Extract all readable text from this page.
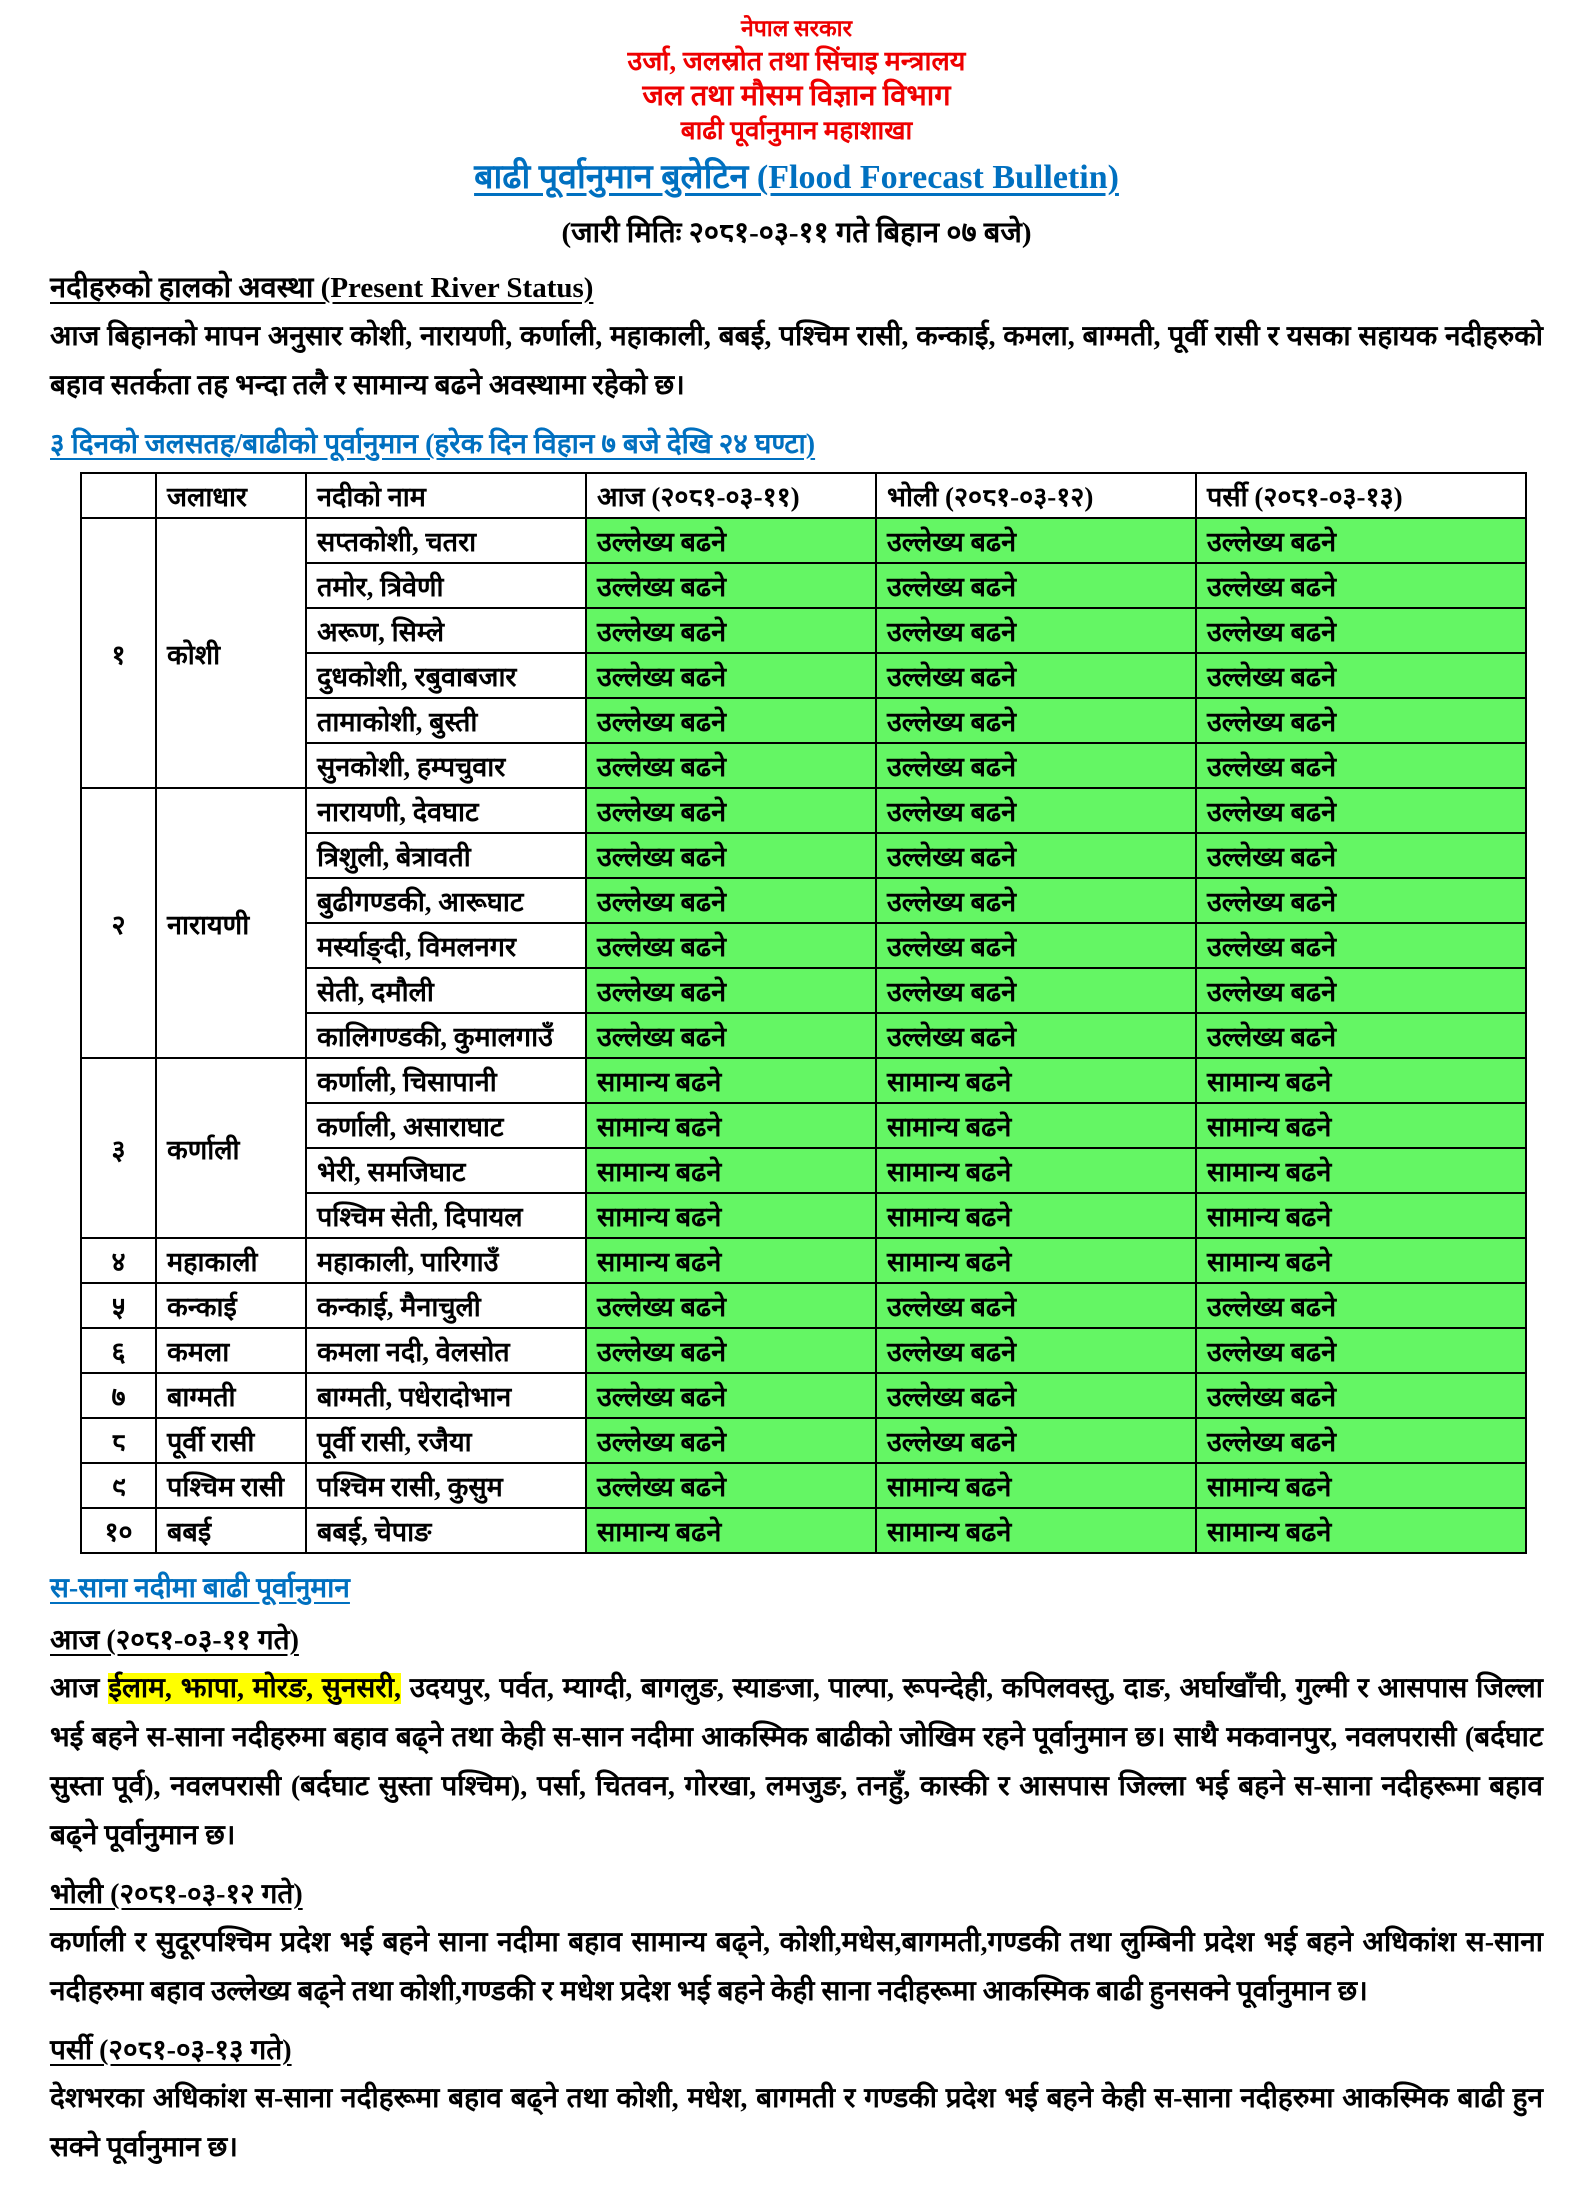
नेपाल सरकार
उर्जा, जलस्रोत तथा सिंचाइ मन्त्रालय
जल तथा मौसम विज्ञान विभाग
बाढी पूर्वानुमान महाशाखा
बाढी पूर्वानुमान बुलेटिन (Flood Forecast Bulletin)
(जारी मितिः २०८१-०३-११ गते बिहान ०७ बजे)
नदीहरुको हालको अवस्था (Present River Status)

आज बिहानको मापन अनुसार कोशी, नारायणी, कर्णाली, महाकाली, बबई, पश्चिम रासी, कन्काई, कमला, बाग्मती, पूर्वी रासी र यसका सहायक नदीहरुको बहाव सतर्कता तह भन्दा तलै र सामान्य बढने अवस्थामा रहेको छ।

३ दिनको जलसतह/बाढीको पूर्वानुमान (हरेक दिन विहान ७ बजे देखि २४ घण्टा)
	जलाधार	नदीको नाम	आज (२०८१-०३-११)	भोली (२०८१-०३-१२)	पर्सी (२०८१-०३-१३)
१	कोशी	सप्तकोशी, चतरा	उल्लेख्य बढने	उल्लेख्य बढने	उल्लेख्य बढने
		तमोर, त्रिवेणी	उल्लेख्य बढने	उल्लेख्य बढने	उल्लेख्य बढने
		अरूण, सिम्ले	उल्लेख्य बढने	उल्लेख्य बढने	उल्लेख्य बढने
		दुधकोशी, रबुवाबजार	उल्लेख्य बढने	उल्लेख्य बढने	उल्लेख्य बढने
		तामाकोशी, बुस्ती	उल्लेख्य बढने	उल्लेख्य बढने	उल्लेख्य बढने
		सुनकोशी, हम्पचुवार	उल्लेख्य बढने	उल्लेख्य बढने	उल्लेख्य बढने
२	नारायणी	नारायणी, देवघाट	उल्लेख्य बढने	उल्लेख्य बढने	उल्लेख्य बढने
		त्रिशुली, बेत्रावती	उल्लेख्य बढने	उल्लेख्य बढने	उल्लेख्य बढने
		बुढीगण्डकी, आरूघाट	उल्लेख्य बढने	उल्लेख्य बढने	उल्लेख्य बढने
		मर्स्याङ्दी, विमलनगर	उल्लेख्य बढने	उल्लेख्य बढने	उल्लेख्य बढने
		सेती, दमौली	उल्लेख्य बढने	उल्लेख्य बढने	उल्लेख्य बढने
		कालिगण्डकी, कुमालगाउँ	उल्लेख्य बढने	उल्लेख्य बढने	उल्लेख्य बढने
३	कर्णाली	कर्णाली, चिसापानी	सामान्य बढने	सामान्य बढने	सामान्य बढने
		कर्णाली, असाराघाट	सामान्य बढने	सामान्य बढने	सामान्य बढने
		भेरी, समजिघाट	सामान्य बढने	सामान्य बढने	सामान्य बढने
		पश्चिम सेती, दिपायल	सामान्य बढने	सामान्य बढने	सामान्य बढने
४	महाकाली	महाकाली, पारिगाउँ	सामान्य बढने	सामान्य बढने	सामान्य बढने
५	कन्काई	कन्काई, मैनाचुली	उल्लेख्य बढने	उल्लेख्य बढने	उल्लेख्य बढने
६	कमला	कमला नदी, वेलसोत	उल्लेख्य बढने	उल्लेख्य बढने	उल्लेख्य बढने
७	बाग्मती	बाग्मती, पधेरादोभान	उल्लेख्य बढने	उल्लेख्य बढने	उल्लेख्य बढने
८	पूर्वी रासी	पूर्वी रासी, रजैया	उल्लेख्य बढने	उल्लेख्य बढने	उल्लेख्य बढने
९	पश्चिम रासी	पश्चिम रासी, कुसुम	उल्लेख्य बढने	सामान्य बढने	सामान्य बढने
१०	बबई	बबई, चेपाङ	सामान्य बढने	सामान्य बढने	सामान्य बढने
स-साना नदीमा बाढी पूर्वानुमान
आज (२०८१-०३-११ गते)

आज ईलाम, झापा, मोरङ, सुनसरी, उदयपुर, पर्वत, म्याग्दी, बागलुङ, स्याङजा, पाल्पा, रूपन्देही, कपिलवस्तु, दाङ, अर्घाखाँची, गुल्मी र आसपास जिल्ला भई बहने स-साना नदीहरुमा बहाव बढ्ने तथा केही स-सान नदीमा आकस्मिक बाढीको जोखिम रहने पूर्वानुमान छ। साथै मकवानपुर, नवलपरासी (बर्दघाट सुस्ता पूर्व), नवलपरासी (बर्दघाट सुस्ता पश्चिम), पर्सा, चितवन, गोरखा, लमजुङ, तनहुँ, कास्की र आसपास जिल्ला भई बहने स-साना नदीहरूमा बहाव बढ्ने पूर्वानुमान छ।

भोली (२०८१-०३-१२ गते)

कर्णाली र सुदूरपश्चिम प्रदेश भई बहने साना नदीमा बहाव सामान्य बढ्ने, कोशी,मधेस,बागमती,गण्डकी तथा लुम्बिनी प्रदेश भई बहने अधिकांश स-साना नदीहरुमा बहाव उल्लेख्य बढ्ने तथा कोशी,गण्डकी र मधेश प्रदेश भई बहने केही साना नदीहरूमा आकस्मिक बाढी हुनसक्ने पूर्वानुमान छ।

पर्सी (२०८१-०३-१३ गते)

देशभरका अधिकांश स-साना नदीहरूमा बहाव बढ्ने तथा कोशी, मधेश, बागमती र गण्डकी प्रदेश भई बहने केही स-साना नदीहरुमा आकस्मिक बाढी हुन सक्ने पूर्वानुमान छ।
